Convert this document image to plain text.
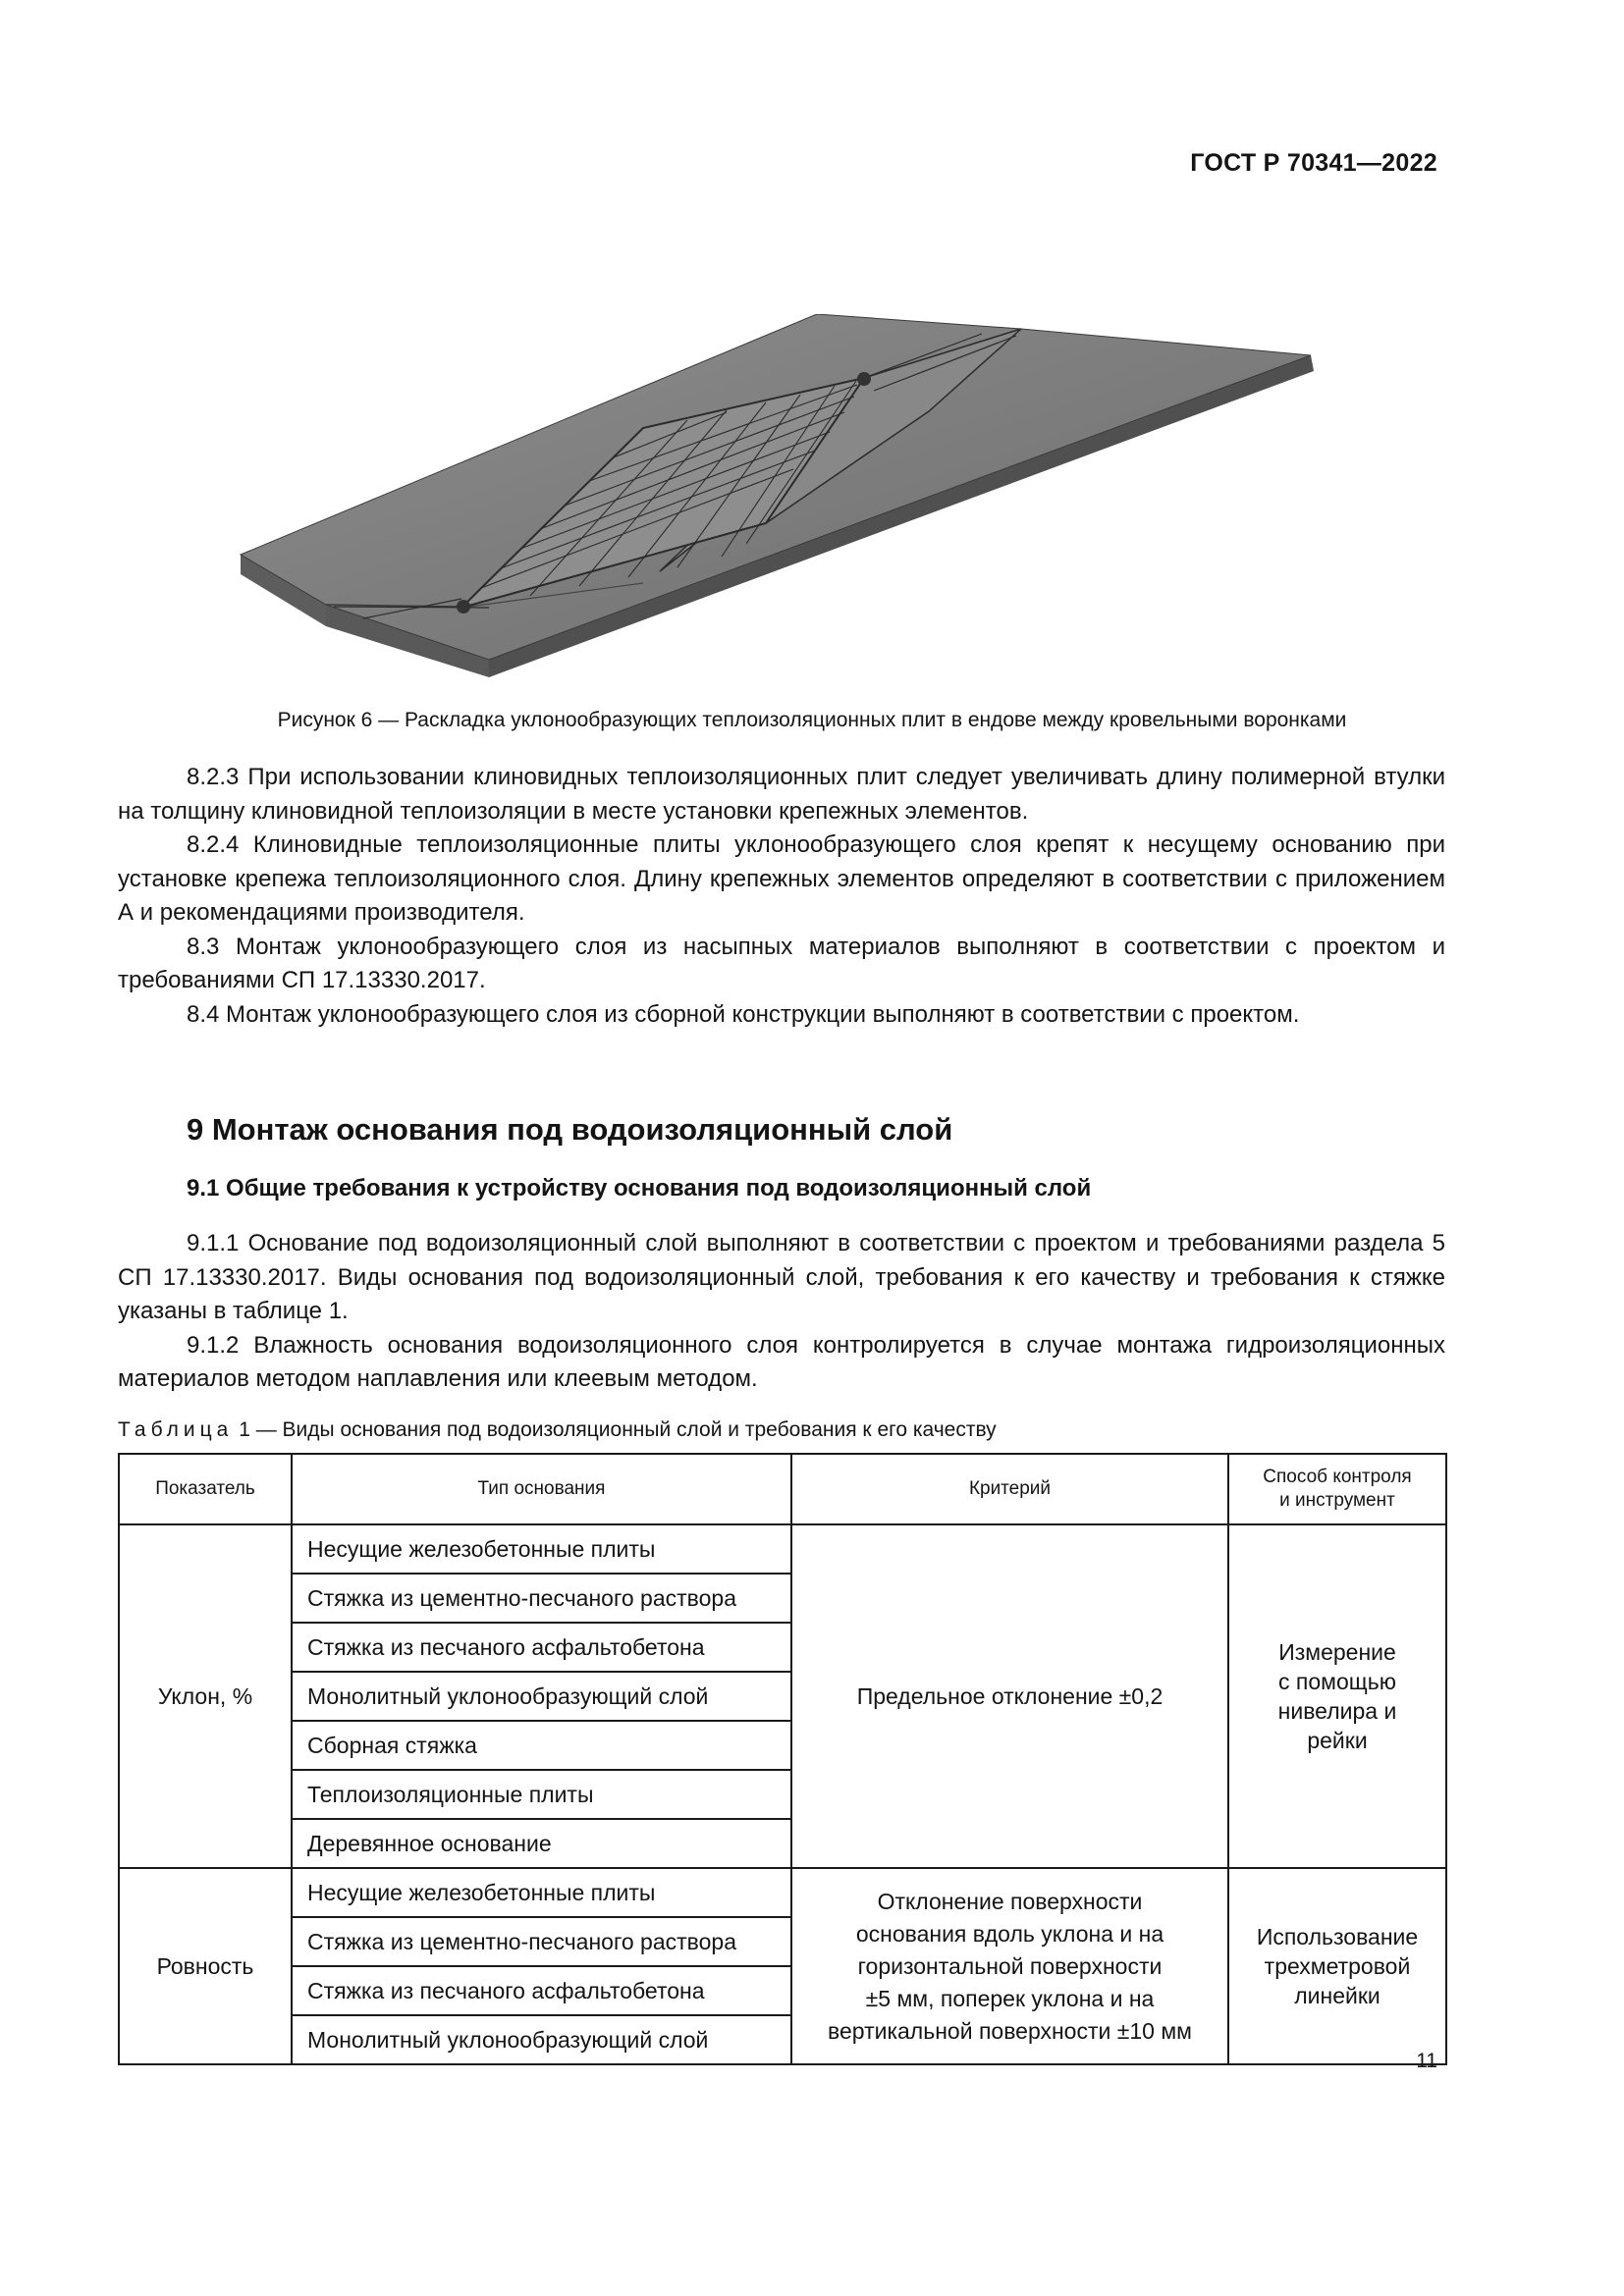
ГОСТ Р 70341—2022
Рисунок 6 — Раскладка уклонообразующих теплоизоляционных плит в ендове между кровельными воронками

8.2.3 При использовании клиновидных теплоизоляционных плит следует увеличивать длину полимерной втулки на толщину клиновидной теплоизоляции в месте установки крепежных элементов.

8.2.4 Клиновидные теплоизоляционные плиты уклонообразующего слоя крепят к несущему основанию при установке крепежа теплоизоляционного слоя. Длину крепежных элементов определяют в соответствии с приложением А и рекомендациями производителя.

8.3 Монтаж уклонообразующего слоя из насыпных материалов выполняют в соответствии с проектом и требованиями СП 17.13330.2017.

8.4 Монтаж уклонообразующего слоя из сборной конструкции выполняют в соответствии с проектом.

9 Монтаж основания под водоизоляционный слой
9.1 Общие требования к устройству основания под водоизоляционный слой

9.1.1 Основание под водоизоляционный слой выполняют в соответствии с проектом и требованиями раздела 5 СП 17.13330.2017. Виды основания под водоизоляционный слой, требования к его качеству и требования к стяжке указаны в таблице 1.

9.1.2 Влажность основания водоизоляционного слоя контролируется в случае монтажа гидроизоляционных материалов методом наплавления или клеевым методом.

Таблица 1 — Виды основания под водоизоляционный слой и требования к его качеству
Показатель	Тип основания	Критерий	Способ контроля
и инструмент
Уклон, %	Несущие железобетонные плиты	Предельное отклонение ±0,2	Измерение
с помощью
нивелира и
рейки
	Стяжка из цементно-песчаного раствора		
	Стяжка из песчаного асфальтобетона		
	Монолитный уклонообразующий слой		
	Сборная стяжка		
	Теплоизоляционные плиты		
	Деревянное основание		
Ровность	Несущие железобетонные плиты	Отклонение поверхности
основания вдоль уклона и на
горизонтальной поверхности
±5 мм, поперек уклона и на
вертикальной поверхности ±10 мм	Использование
трехметровой
линейки
	Стяжка из цементно-песчаного раствора		
	Стяжка из песчаного асфальтобетона		
	Монолитный уклонообразующий слой		
11
